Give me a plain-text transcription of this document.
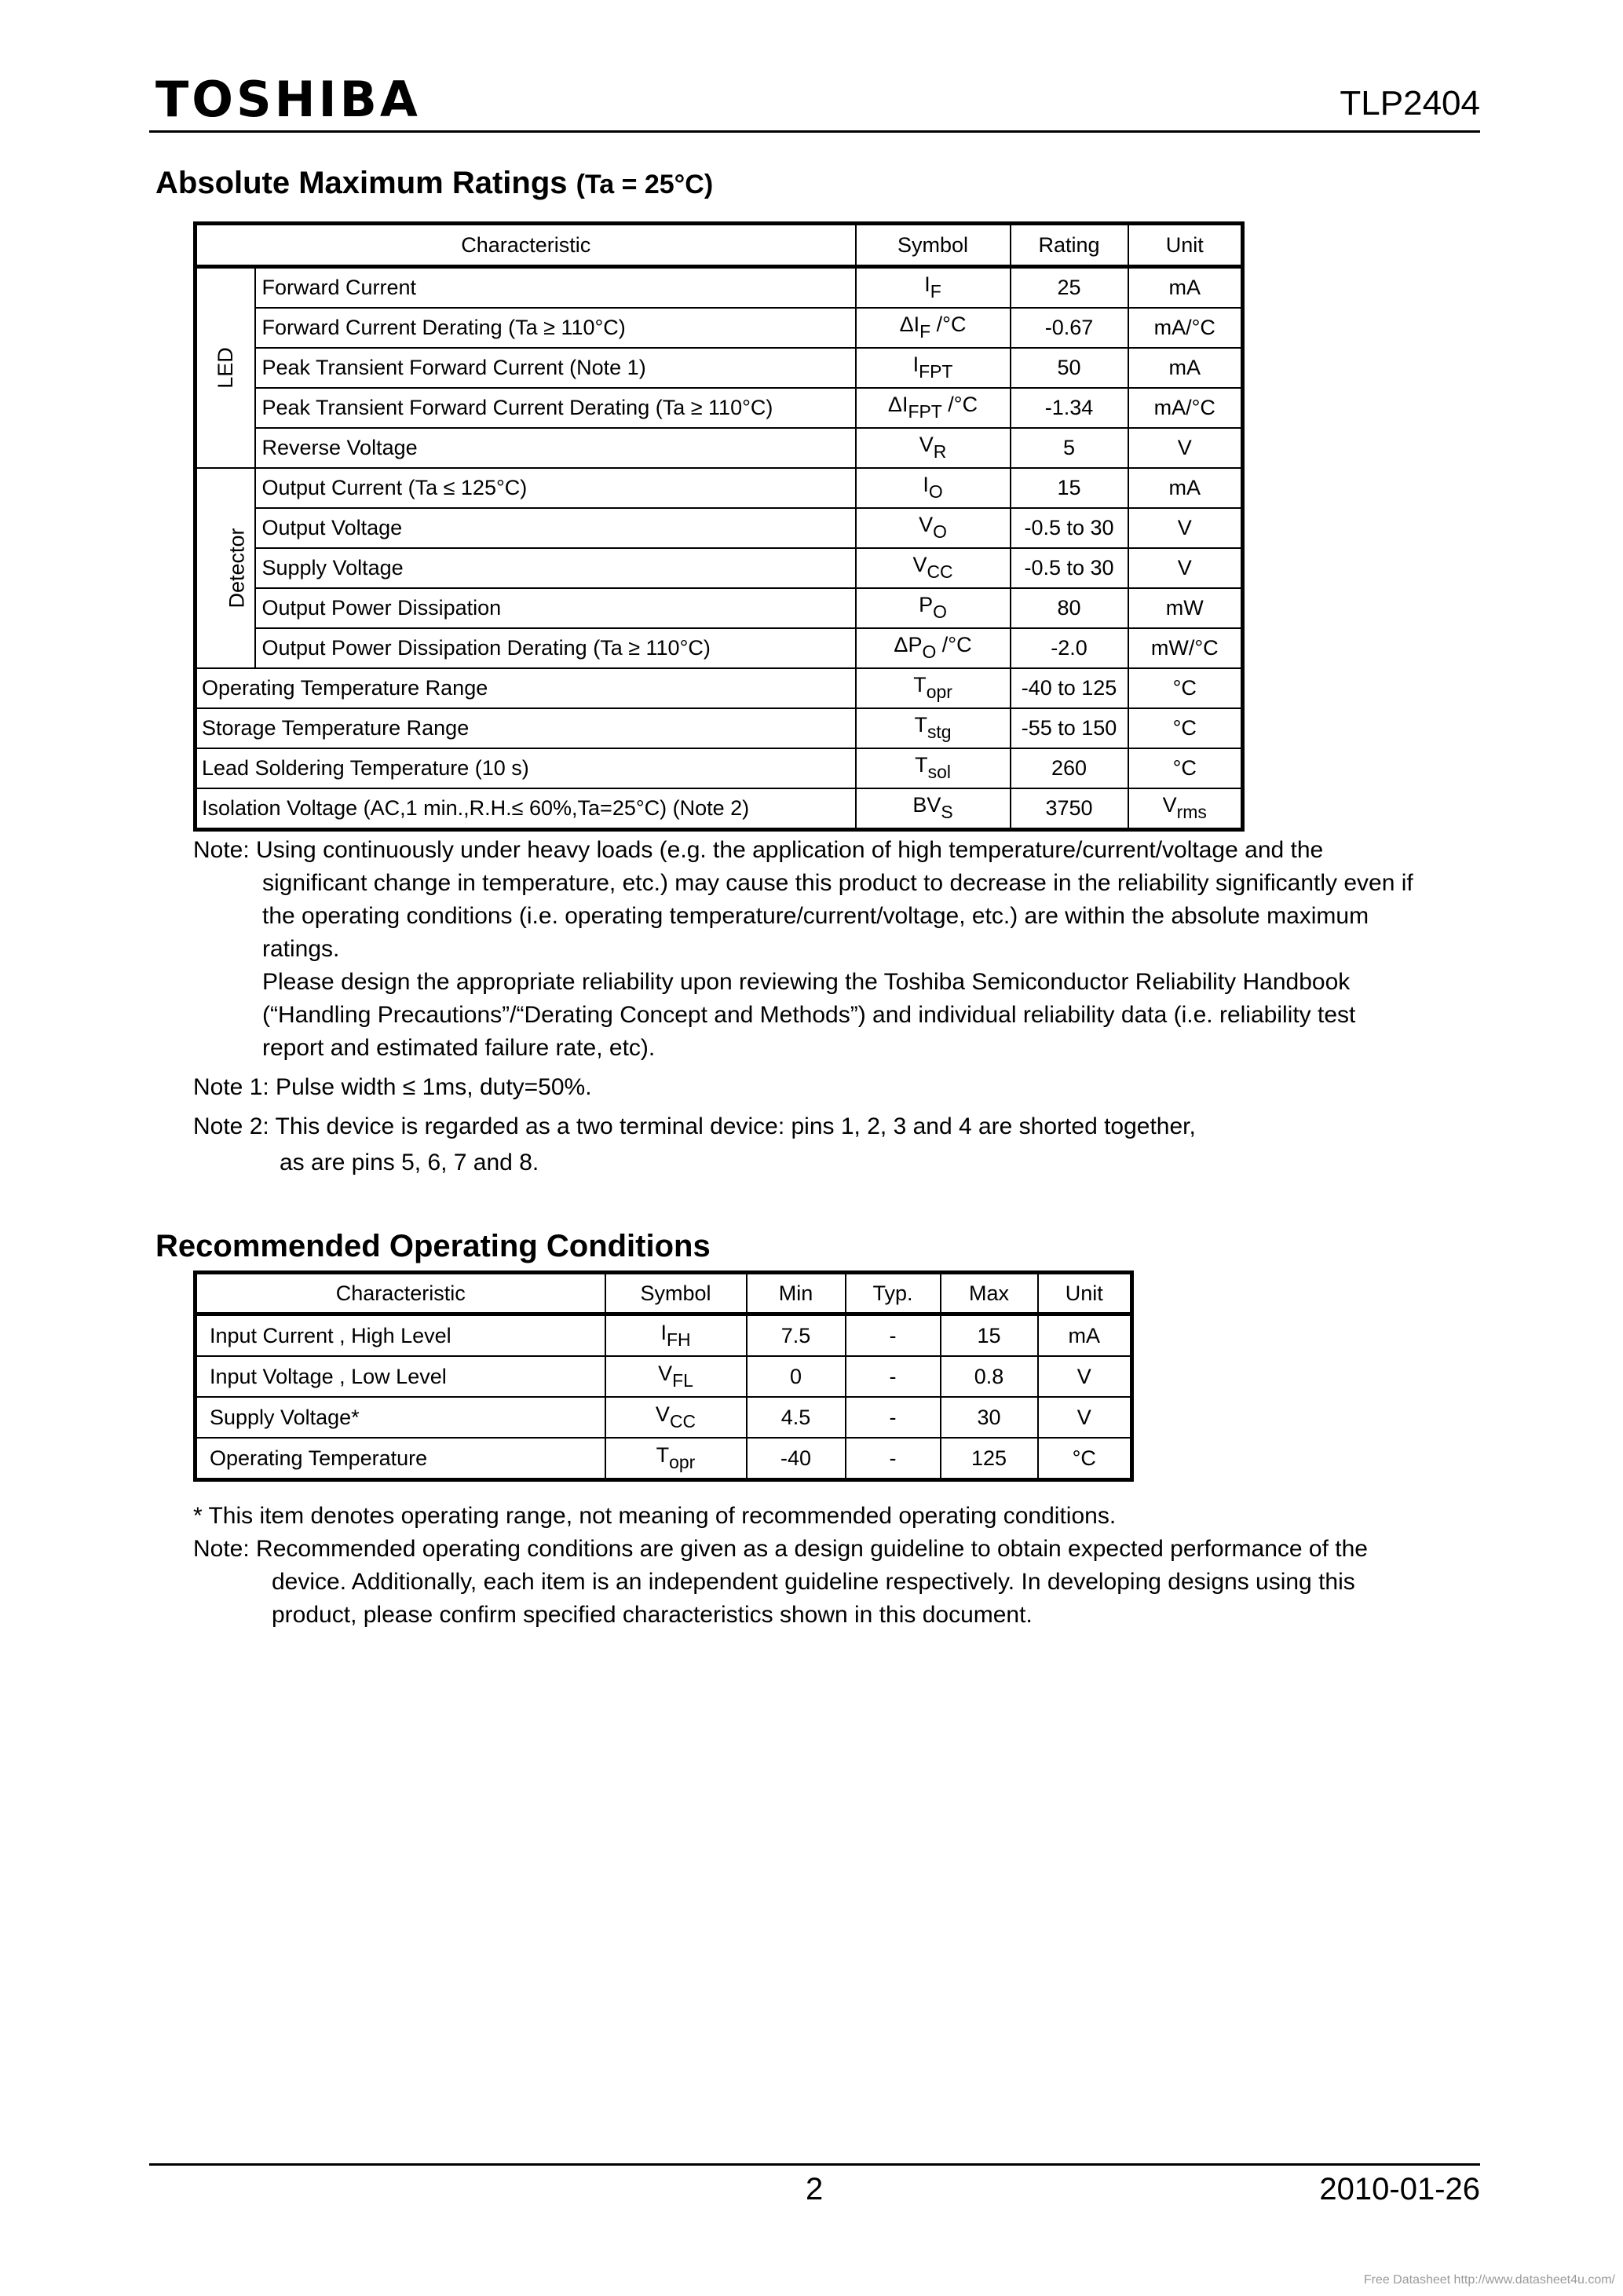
TOSHIBA	TLP2404
Absolute Maximum Ratings (Ta = 25°C)
Characteristic		Symbol	Rating	Unit
LED	Forward Current	$I_F$	25	mA
	Forward Current Derating (Ta ≥ 110°C)	$\Delta I_F$ /°C	-0.67	mA/°C
	Peak Transient Forward Current (Note 1)	$I_{FPT}$	50	mA
	Peak Transient Forward Current Derating (Ta ≥ 110°C)	$\Delta I_{FPT}$ /°C	-1.34	mA/°C
	Reverse Voltage	$V_R$	5	V
Detector	Output Current (Ta ≤ 125°C)	$I_O$	15	mA
	Output Voltage	$V_O$	-0.5 to 30	V
	Supply Voltage	$V_{CC}$	-0.5 to 30	V
	Output Power Dissipation	$P_O$	80	mW
	Output Power Dissipation Derating (Ta ≥ 110°C)	$\Delta P_O$ /°C	-2.0	mW/°C
Operating Temperature Range		$T_{opr}$	-40 to 125	°C
Storage Temperature Range		$T_{stg}$	-55 to 150	°C
Lead Soldering Temperature (10 s)		$T_{sol}$	260	°C
Isolation Voltage (AC,1 min.,R.H.≤ 60%,Ta=25°C) (Note 2)		$BV_S$	3750	$V_{rms}$

Note: Using continuously under heavy loads (e.g. the application of high temperature/current/voltage and the

significant change in temperature, etc.) may cause this product to decrease in the reliability significantly even if

the operating conditions (i.e. operating temperature/current/voltage, etc.) are within the absolute maximum

ratings.

Please design the appropriate reliability upon reviewing the Toshiba Semiconductor Reliability Handbook

(“Handling Precautions”/“Derating Concept and Methods”) and individual reliability data (i.e. reliability test

report and estimated failure rate, etc).

Note 1: Pulse width ≤ 1ms, duty=50%.

Note 2: This device is regarded as a two terminal device: pins 1, 2, 3 and 4 are shorted together,

as are pins 5, 6, 7 and 8.

Recommended Operating Conditions
Characteristic	Symbol	Min	Typ.	Max	Unit
Input Current , High Level	$I_{FH}$	7.5	-	15	mA
Input Voltage , Low Level	$V_{FL}$	0	-	0.8	V
Supply Voltage*	$V_{CC}$	4.5	-	30	V
Operating Temperature	$T_{opr}$	-40	-	125	°C

* This item denotes operating range, not meaning of recommended operating conditions.

Note: Recommended operating conditions are given as a design guideline to obtain expected performance of the

device. Additionally, each item is an independent guideline respectively. In developing designs using this

product, please confirm specified characteristics shown in this document.

2	2010-01-26
Free Datasheet http://www.datasheet4u.com/
